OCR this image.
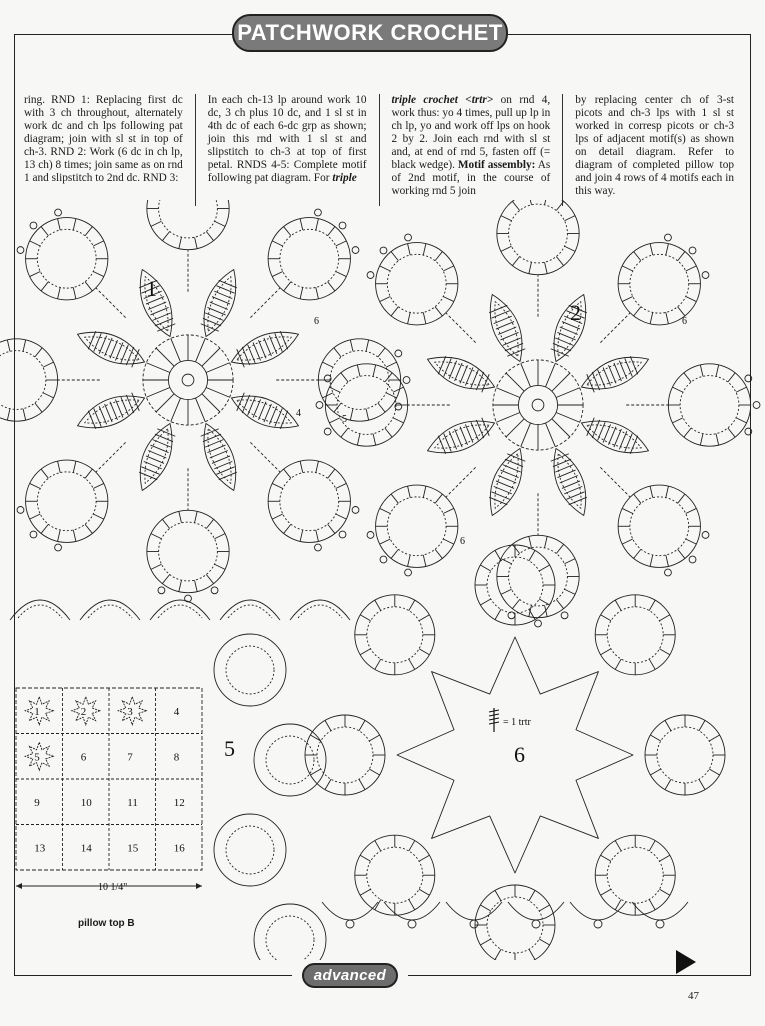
PATCHWORK CROCHET
ring. RND 1: Replacing first dc with 3 ch throughout, alternately work dc and ch lps following pat diagram; join with sl st in top of ch-3. RND 2: Work (6 dc in ch lp, 13 ch) 8 times; join same as on rnd 1 and slipstitch to 2nd dc. RND 3:
In each ch-13 lp around work 10 dc, 3 ch plus 10 dc, and 1 sl st in 4th dc of each 6-dc grp as shown; join this rnd with 1 sl st and slipstitch to ch-3 at top of first petal. RNDS 4-5: Complete motif following pat diagram. For triple
triple crochet <trtr> on rnd 4, work thus: yo 4 times, pull up lp in ch lp, yo and work off lps on hook 2 by 2. Join each rnd with sl st and, at end of rnd 5, fasten off (= black wedge). Motif assembly: As of 2nd motif, in the course of working rnd 5 join
by replacing center ch of 3-st picots and ch-3 lps with 1 sl st worked in corresp picots or ch-3 lps of adjacent motif(s) as shown on detail diagram. Refer to diagram of completed pillow top and join 4 rows of 4 motifs each in this way.
1	2	3	4
5	6	7	8
9	10	11	12
13	14	15	16
1
2
5	6
4
5
6	6
6
= 1 trtr
10 1/4"
pillow top B
advanced
47
